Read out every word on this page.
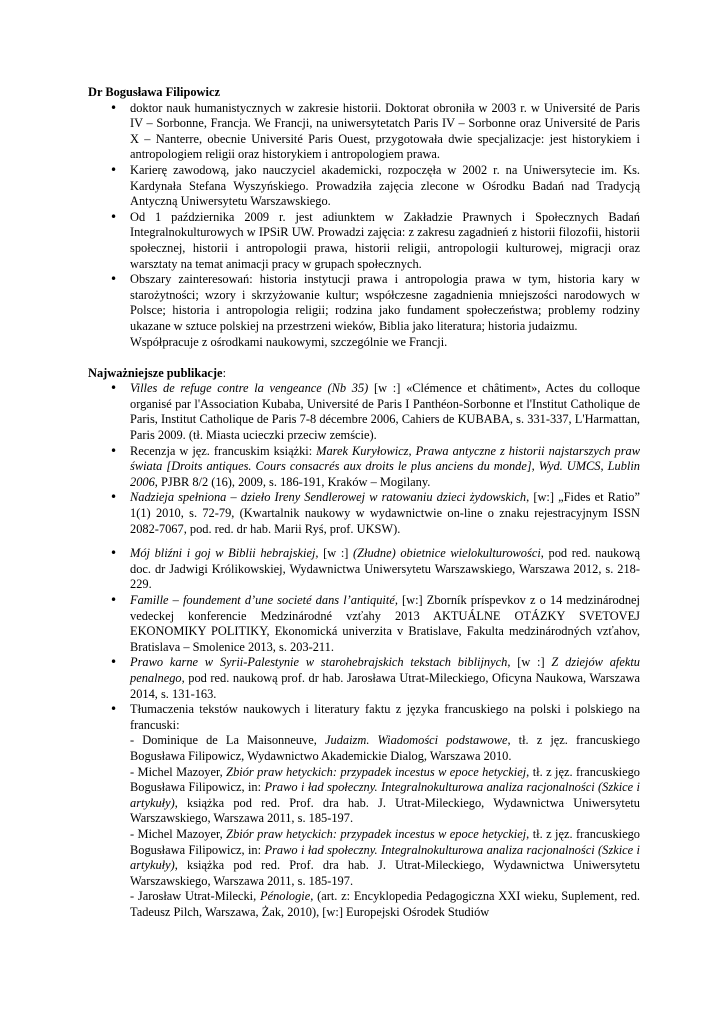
Dr Bogusława Filipowicz
• doktor nauk humanistycznych w zakresie historii. Doktorat obroniła w 2003 r. w Université de Paris IV – Sorbonne, Francja. We Francji, na uniwersytetatch Paris IV – Sorbonne oraz Université de Paris X – Nanterre, obecnie Université Paris Ouest, przygotowała dwie specjalizacje: jest historykiem i antropologiem religii oraz historykiem i antropologiem prawa.
• Karierę zawodową, jako nauczyciel akademicki, rozpoczęła w 2002 r. na Uniwersytecie im. Ks. Kardynała Stefana Wyszyńskiego. Prowadziła zajęcia zlecone w Ośrodku Badań nad Tradycją Antyczną Uniwersytetu Warszawskiego.
• Od 1 października 2009 r. jest adiunktem w Zakładzie Prawnych i Społecznych Badań Integralnokulturowych w IPSiR UW. Prowadzi zajęcia: z zakresu zagadnień z historii filozofii, historii społecznej, historii i antropologii prawa, historii religii, antropologii kulturowej, migracji oraz warsztaty na temat animacji pracy w grupach społecznych.
• Obszary zainteresowań: historia instytucji prawa i antropologia prawa w tym, historia kary w starożytności; wzory i skrzyżowanie kultur; współczesne zagadnienia mniejszości narodowych w Polsce; historia i antropologia religii; rodzina jako fundament społeczeństwa; problemy rodziny ukazane w sztuce polskiej na przestrzeni wieków, Biblia jako literatura; historia judaizmu.
Współpracuje z ośrodkami naukowymi, szczególnie we Francji.
Najważniejsze publikacje:
• Villes de refuge contre la vengeance (Nb 35) [w :] «Clémence et châtiment», Actes du colloque organisé par l'Association Kubaba, Université de Paris I Panthéon-Sorbonne et l'Institut Catholique de Paris, Institut Catholique de Paris 7-8 décembre 2006, Cahiers de KUBABA, s. 331-337, L'Harmattan, Paris 2009. (tł. Miasta ucieczki przeciw zemście).
• Recenzja w jęz. francuskim książki: Marek Kuryłowicz, Prawa antyczne z historii najstarszych praw świata [Droits antiques. Cours consacrés aux droits le plus anciens du monde], Wyd. UMCS, Lublin 2006, PJBR 8/2 (16), 2009, s. 186-191, Kraków – Mogilany.
• Nadzieja spełniona – dzieło Ireny Sendlerowej w ratowaniu dzieci żydowskich, [w:] „Fides et Ratio” 1(1) 2010, s. 72-79, (Kwartalnik naukowy w wydawnictwie on-line o znaku rejestracyjnym ISSN 2082-7067, pod. red. dr hab. Marii Ryś, prof. UKSW).
• Mój bliźni i goj w Biblii hebrajskiej, [w :] (Złudne) obietnice wielokulturowości, pod red. naukową doc. dr Jadwigi Królikowskiej, Wydawnictwa Uniwersytetu Warszawskiego, Warszawa 2012, s. 218-229.
• Famille – foundement d’une societé dans l’antiquité, [w:] Zborník príspevkov z o 14 medzinárodnej vedeckej konferencie Medzinárodné vzťahy 2013 AKTUÁLNE OTÁZKY SVETOVEJ EKONOMIKY POLITIKY, Ekonomická univerzita v Bratislave, Fakulta medzinárodných vzťahov, Bratislava – Smolenice 2013, s. 203-211.
• Prawo karne w Syrii-Palestynie w starohebrajskich tekstach biblijnych, [w :] Z dziejów afektu penalnego, pod red. naukową prof. dr hab. Jarosława Utrat-Mileckiego, Oficyna Naukowa, Warszawa 2014, s. 131-163.
• Tłumaczenia tekstów naukowych i literatury faktu z języka francuskiego na polski i polskiego na francuski:
- Dominique de La Maisonneuve, Judaizm. Wiadomości podstawowe, tł. z jęz. francuskiego Bogusława Filipowicz, Wydawnictwo Akademickie Dialog, Warszawa 2010.
- Michel Mazoyer, Zbiór praw hetyckich: przypadek incestus w epoce hetyckiej, tł. z jęz. francuskiego Bogusława Filipowicz, in: Prawo i ład społeczny. Integralnokulturowa analiza racjonalności (Szkice i artykuły), książka pod red. Prof. dra hab. J. Utrat-Mileckiego, Wydawnictwa Uniwersytetu Warszawskiego, Warszawa 2011, s. 185-197.
- Michel Mazoyer, Zbiór praw hetyckich: przypadek incestus w epoce hetyckiej, tł. z jęz. francuskiego Bogusława Filipowicz, in: Prawo i ład społeczny. Integralnokulturowa analiza racjonalności (Szkice i artykuły), książka pod red. Prof. dra hab. J. Utrat-Mileckiego, Wydawnictwa Uniwersytetu Warszawskiego, Warszawa 2011, s. 185-197.
- Jarosław Utrat-Milecki, Pénologie, (art. z: Encyklopedia Pedagogiczna XXI wieku, Suplement, red. Tadeusz Pilch, Warszawa, Żak, 2010), [w:] Europejski Ośrodek Studiów
